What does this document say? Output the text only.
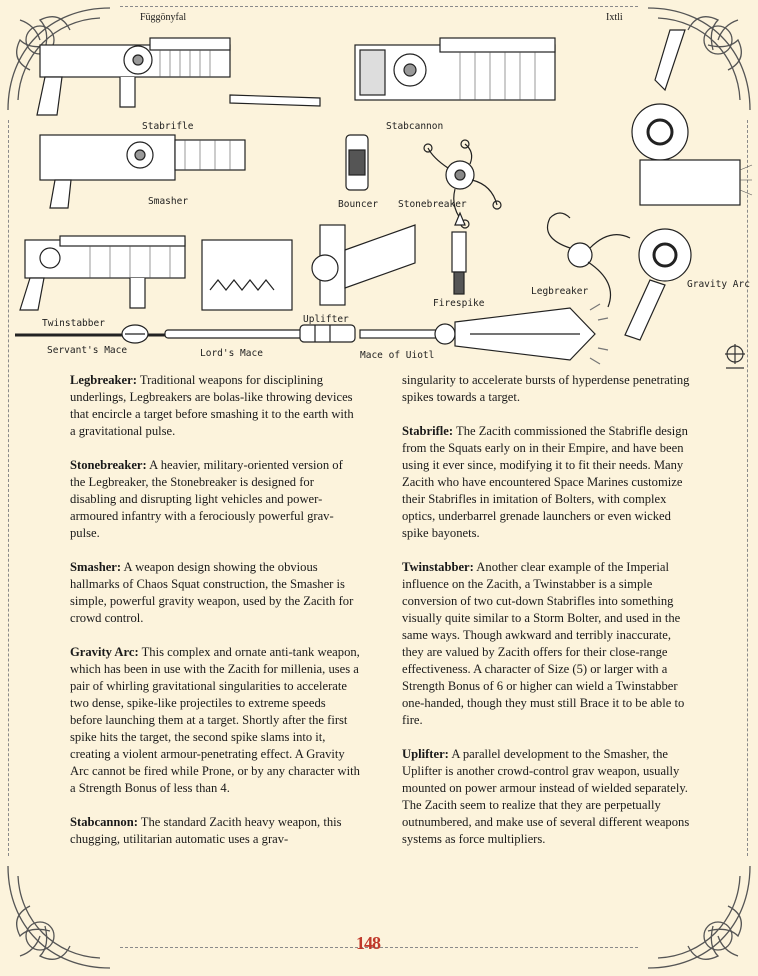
Függönyfal	Ixtli
Stabrifle	Stabcannon
Smasher	Bouncer Stonebreaker
Twinstabber	Uplifter
Firespike
Legbreaker
Gravity Arc
Servant's Mace	Lord's Mace	Mace of Uiotl

Legbreaker: Traditional weapons for disciplining underlings, Legbreakers are bolas-like throwing devices that encircle a target before smashing it to the earth with a gravitational pulse.

Stonebreaker: A heavier, military-oriented version of the Legbreaker, the Stonebreaker is designed for disabling and disrupting light vehicles and power-armoured infantry with a ferociously powerful grav-pulse.

Smasher: A weapon design showing the obvious hallmarks of Chaos Squat construction, the Smasher is simple, powerful gravity weapon, used by the Zacith for crowd control.

Gravity Arc: This complex and ornate anti-tank weapon, which has been in use with the Zacith for millenia, uses a pair of whirling gravitational singularities to accelerate two dense, spike-like projectiles to extreme speeds before launching them at a target. Shortly after the first spike hits the target, the second spike slams into it, creating a violent armour-penetrating effect. A Gravity Arc cannot be fired while Prone, or by any character with a Strength Bonus of less than 4.

Stabcannon: The standard Zacith heavy weapon, this chugging, utilitarian automatic uses a grav-

singularity to accelerate bursts of hyperdense penetrating spikes towards a target.

Stabrifle: The Zacith commissioned the Stabrifle design from the Squats early on in their Empire, and have been using it ever since, modifying it to fit their needs. Many Zacith who have encountered Space Marines customize their Stabrifles in imitation of Bolters, with complex optics, underbarrel grenade launchers or even wicked spike bayonets.

Twinstabber: Another clear example of the Imperial influence on the Zacith, a Twinstabber is a simple conversion of two cut-down Stabrifles into something visually quite similar to a Storm Bolter, and used in the same ways. Though awkward and terribly inaccurate, they are valued by Zacith offers for their close-range effectiveness. A character of Size (5) or larger with a Strength Bonus of 6 or higher can wield a Twinstabber one-handed, though they must still Brace it to be able to fire.

Uplifter: A parallel development to the Smasher, the Uplifter is another crowd-control grav weapon, usually mounted on power armour instead of wielded separately. The Zacith seem to realize that they are perpetually outnumbered, and make use of several different weapons systems as force multipliers.

148
